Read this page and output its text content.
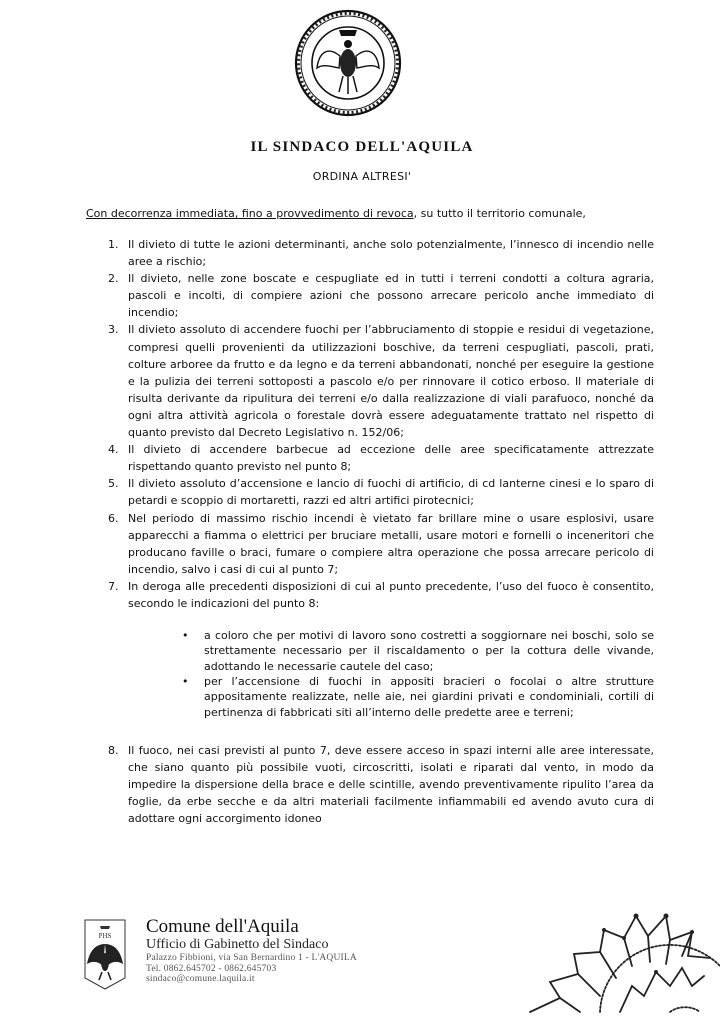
IL SINDACO DELL'AQUILA
ORDINA ALTRESI'
Con decorrenza immediata, fino a provvedimento di revoca, su tutto il territorio comunale,
1. Il divieto di tutte le azioni determinanti, anche solo potenzialmente, l’innesco di incendio nelle aree a rischio;
2. Il divieto, nelle zone boscate e cespugliate ed in tutti i terreni condotti a coltura agraria, pascoli e incolti, di compiere azioni che possono arrecare pericolo anche immediato di incendio;
3. Il divieto assoluto di accendere fuochi per l’abbruciamento di stoppie e residui di vegetazione, compresi quelli provenienti da utilizzazioni boschive, da terreni cespugliati, pascoli, prati, colture arboree da frutto e da legno e da terreni abbandonati, nonché per eseguire la gestione e la pulizia dei terreni sottoposti a pascolo e/o per rinnovare il cotico erboso. Il materiale di risulta derivante da ripulitura dei terreni e/o dalla realizzazione di viali parafuoco, nonché da ogni altra attività agricola o forestale dovrà essere adeguatamente trattato nel rispetto di quanto previsto dal Decreto Legislativo n. 152/06;
4. Il divieto di accendere barbecue ad eccezione delle aree specificatamente attrezzate rispettando quanto previsto nel punto 8;
5. Il divieto assoluto d’accensione e lancio di fuochi di artificio, di cd lanterne cinesi e lo sparo di petardi e scoppio di mortaretti, razzi ed altri artifici pirotecnici;
6. Nel periodo di massimo rischio incendi è vietato far brillare mine o usare esplosivi, usare apparecchi a fiamma o elettrici per bruciare metalli, usare motori e fornelli o inceneritori che producano faville o braci, fumare o compiere altra operazione che possa arrecare pericolo di incendio, salvo i casi di cui al punto 7;
7. In deroga alle precedenti disposizioni di cui al punto precedente, l’uso del fuoco è consentito, secondo le indicazioni del punto 8:
• a coloro che per motivi di lavoro sono costretti a soggiornare nei boschi, solo se strettamente necessario per il riscaldamento o per la cottura delle vivande, adottando le necessarie cautele del caso;
• per l’accensione di fuochi in appositi bracieri o focolai o altre strutture appositamente realizzate, nelle aie, nei giardini privati e condominiali, cortili di pertinenza di fabbricati siti all’interno delle predette aree e terreni;
8. Il fuoco, nei casi previsti al punto 7, deve essere acceso in spazi interni alle aree interessate, che siano quanto più possibile vuoti, circoscritti, isolati e riparati dal vento, in modo da impedire la dispersione della brace e delle scintille, avendo preventivamente ripulito l’area da foglie, da erbe secche e da altri materiali facilmente infiammabili ed avendo avuto cura di adottare ogni accorgimento idoneo
PHS Comune dell'Aquila
Ufficio di Gabinetto del Sindaco
Palazzo Fibbioni, via San Bernardino 1 - L'AQUILA
Tel. 0862.645702 - 0862.645703
sindaco@comune.laquila.it
